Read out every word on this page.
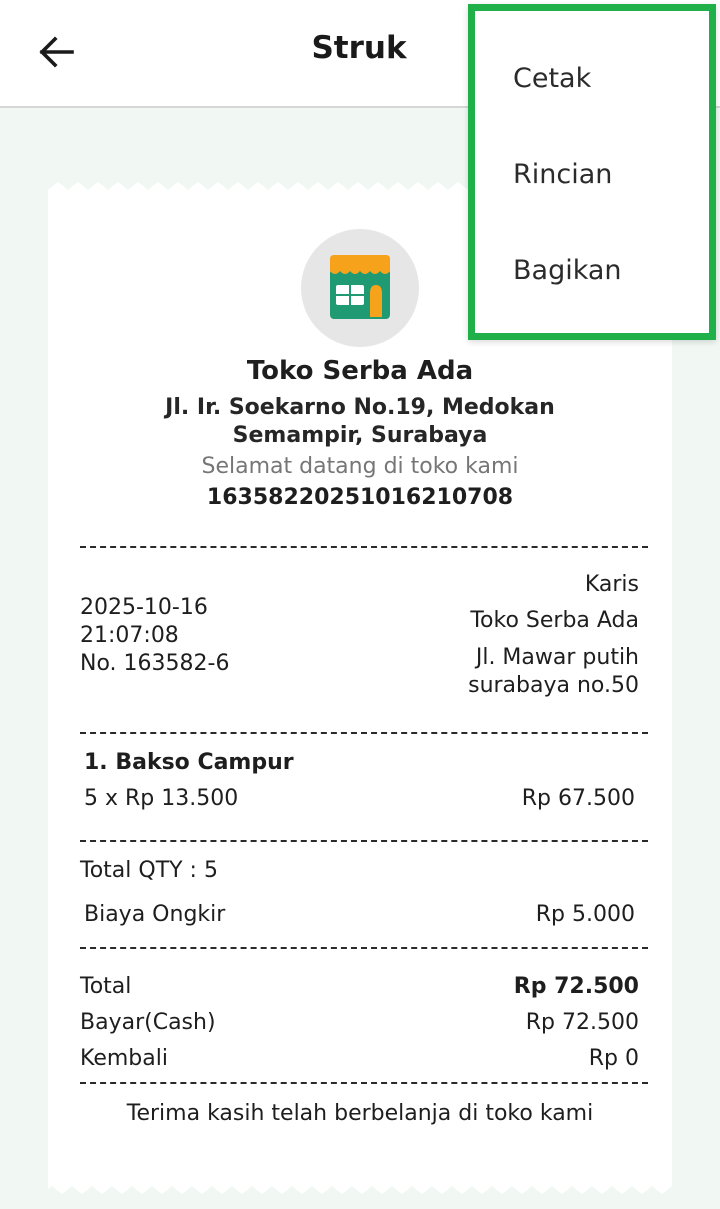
Struk
Toko Serba Ada
Jl. Ir. Soekarno No.19, Medokan
Semampir, Surabaya
Selamat datang di toko kami
16358220251016210708
2025-10-16
21:07:08
No. 163582-6
Karis
Toko Serba Ada
Jl. Mawar putih
surabaya no.50
1. Bakso Campur
5 x Rp 13.500	Rp 67.500
Total QTY : 5
Biaya Ongkir	Rp 5.000
Total	Rp 72.500
Bayar(Cash)	Rp 72.500
Kembali	Rp 0
Terima kasih telah berbelanja di toko kami
Cetak
Rincian
Bagikan
